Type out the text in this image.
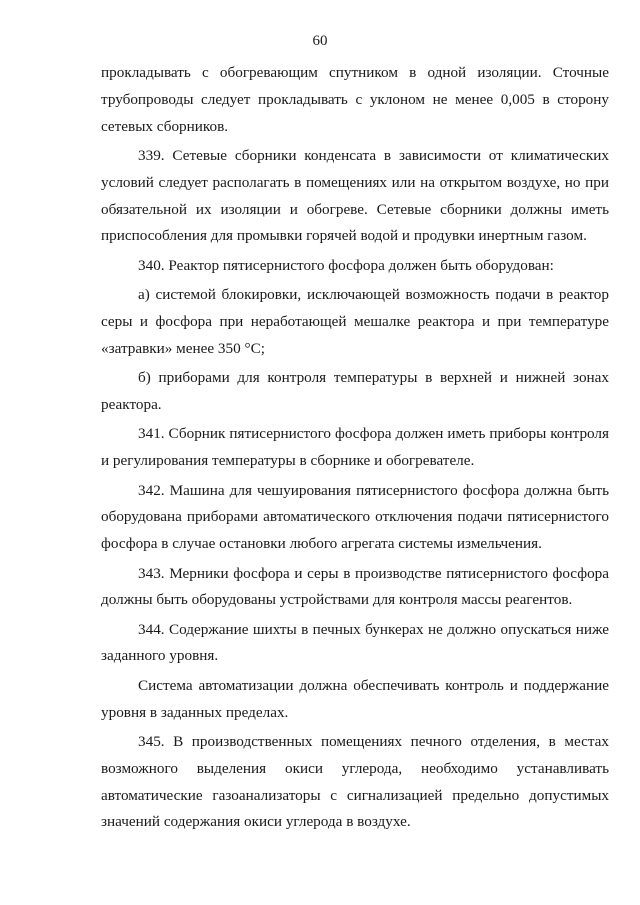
60

прокладывать с обогревающим спутником в одной изоляции. Сточные трубопроводы следует прокладывать с уклоном не менее 0,005 в сторону сетевых сборников.

339. Сетевые сборники конденсата в зависимости от климатических условий следует располагать в помещениях или на открытом воздухе, но при обязательной их изоляции и обогреве. Сетевые сборники должны иметь приспособления для промывки горячей водой и продувки инертным газом.

340. Реактор пятисернистого фосфора должен быть оборудован:

а) системой блокировки, исключающей возможность подачи в реактор серы и фосфора при неработающей мешалке реактора и при температуре «затравки» менее 350 °С;

б) приборами для контроля температуры в верхней и нижней зонах реактора.

341. Сборник пятисернистого фосфора должен иметь приборы контроля и регулирования температуры в сборнике и обогревателе.

342. Машина для чешуирования пятисернистого фосфора должна быть оборудована приборами автоматического отключения подачи пятисернистого фосфора в случае остановки любого агрегата системы измельчения.

343. Мерники фосфора и серы в производстве пятисернистого фосфора должны быть оборудованы устройствами для контроля массы реагентов.

344. Содержание шихты в печных бункерах не должно опускаться ниже заданного уровня.

Система автоматизации должна обеспечивать контроль и поддержание уровня в заданных пределах.

345. В производственных помещениях печного отделения, в местах возможного выделения окиси углерода, необходимо устанавливать автоматические газоанализаторы с сигнализацией предельно допустимых значений содержания окиси углерода в воздухе.
